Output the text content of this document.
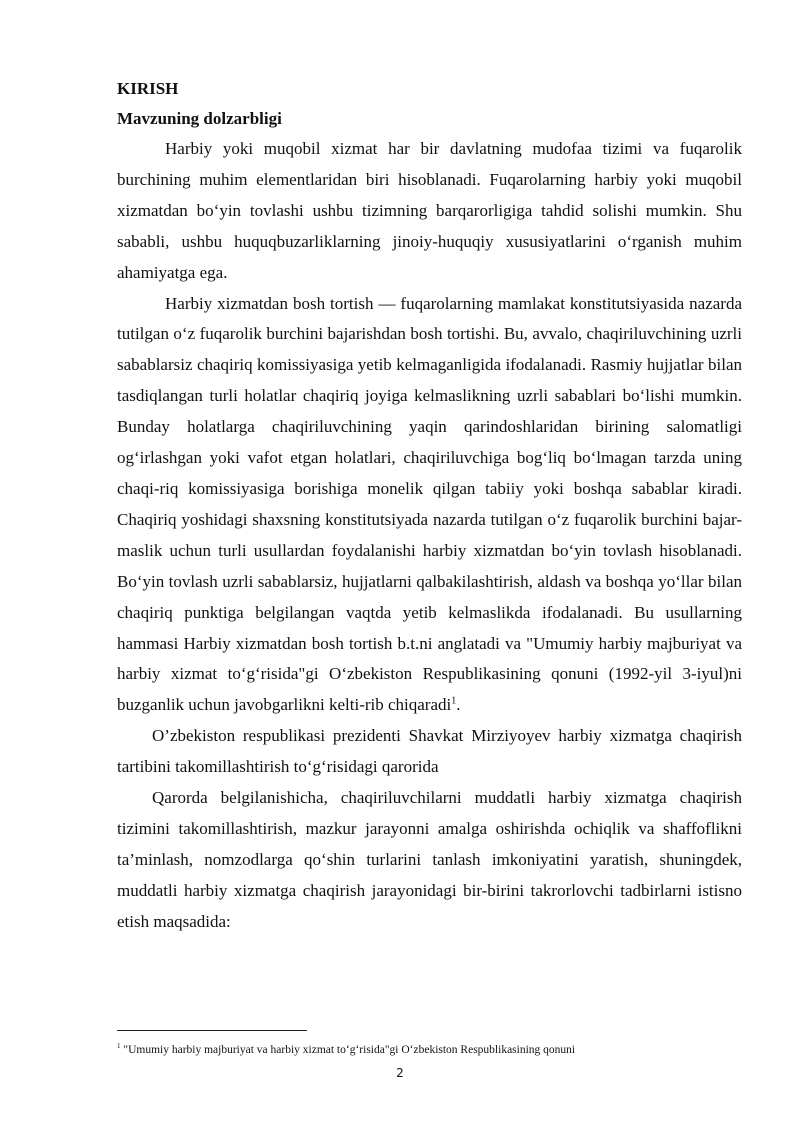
KIRISH

Mavzuning dolzarbligi

Harbiy yoki muqobil xizmat har bir davlatning mudofaa tizimi va fuqarolik burchining muhim elementlaridan biri hisoblanadi. Fuqarolarning harbiy yoki muqobil xizmatdan bo‘yin tovlashi ushbu tizimning barqarorligiga tahdid solishi mumkin. Shu sababli, ushbu huquqbuzarliklarning jinoiy-huquqiy xususiyatlarini o‘rganish muhim ahamiyatga ega.

Harbiy xizmatdan bosh tortish — fuqarolarning mamlakat konstitutsiyasida nazarda tutilgan o‘z fuqarolik burchini bajarishdan bosh tortishi. Bu, avvalo, chaqiriluvchining uzrli sabablarsiz chaqiriq komissiyasiga yetib kelmaganligida ifodalanadi. Rasmiy hujjatlar bilan tasdiqlangan turli holatlar chaqiriq joyiga kelmaslikning uzrli sabablari bo‘lishi mumkin. Bunday holatlarga chaqiriluvchining yaqin qarindoshlaridan birining salomatligi og‘irlashgan yoki vafot etgan holatlari, chaqiriluvchiga bog‘liq bo‘lmagan tarzda uning chaqi-riq komissiyasiga borishiga monelik qilgan tabiiy yoki boshqa sabablar kiradi. Chaqiriq yoshidagi shaxsning konstitutsiyada nazarda tutilgan o‘z fuqarolik burchini bajar-maslik uchun turli usullardan foydalanishi harbiy xizmatdan bo‘yin tovlash hisoblanadi. Bo‘yin tovlash uzrli sabablarsiz, hujjatlarni qalbakilashtirish, aldash va boshqa yo‘llar bilan chaqiriq punktiga belgilangan vaqtda yetib kelmaslikda ifodalanadi. Bu usullarning hammasi Harbiy xizmatdan bosh tortish b.t.ni anglatadi va "Umumiy harbiy majburiyat va harbiy xizmat to‘g‘risida"gi O‘zbekiston Respublikasining qonuni (1992-yil 3-iyul)ni buzganlik uchun javobgarlikni kelti-rib chiqaradi$^1$.

O’zbekiston respublikasi prezidenti Shavkat Mirziyoyev harbiy xizmatga chaqirish tartibini takomillashtirish to‘g‘risidagi qarorida

Qarorda belgilanishicha, chaqiriluvchilarni muddatli harbiy xizmatga chaqirish tizimini takomillashtirish, mazkur jarayonni amalga oshirishda ochiqlik va shaffoflikni ta’minlash, nomzodlarga qo‘shin turlarini tanlash imkoniyatini yaratish, shuningdek, muddatli harbiy xizmatga chaqirish jarayonidagi bir-birini takrorlovchi tadbirlarni istisno etish maqsadida:

$^1$ "Umumiy harbiy majburiyat va harbiy xizmat to‘g‘risida"gi O‘zbekiston Respublikasining qonuni

2
